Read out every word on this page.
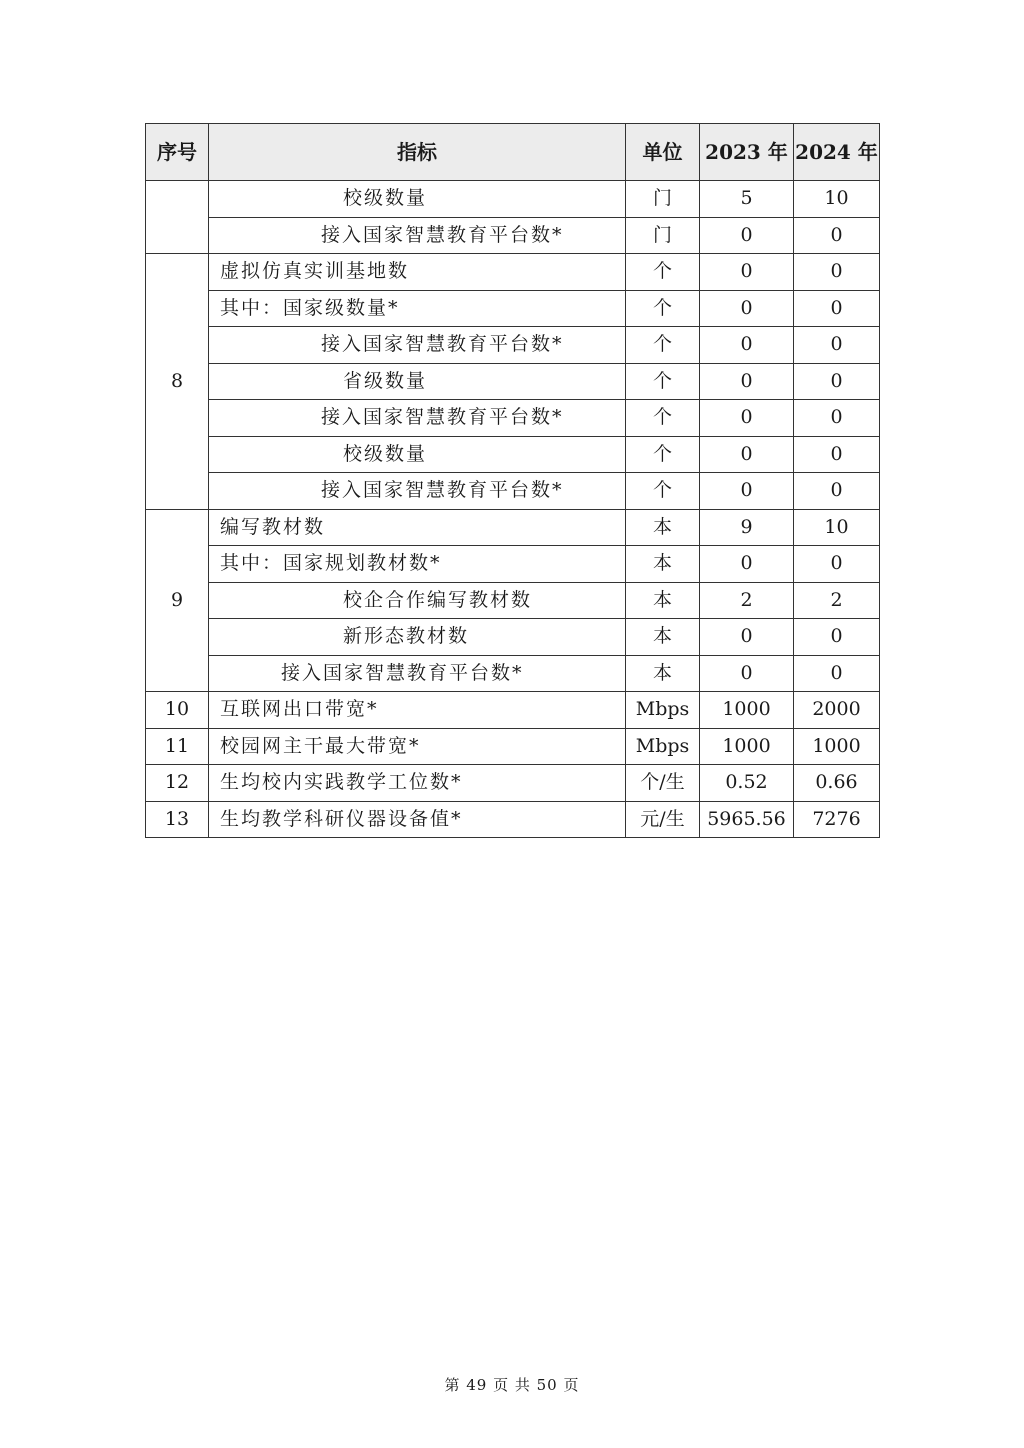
序号	指标	单位	2023 年	2024 年
	校级数量	门	5	10
	接入国家智慧教育平台数*	门	0	0
8	虚拟仿真实训基地数	个	0	0
	其中：国家级数量*	个	0	0
	接入国家智慧教育平台数*	个	0	0
	省级数量	个	0	0
	接入国家智慧教育平台数*	个	0	0
	校级数量	个	0	0
	接入国家智慧教育平台数*	个	0	0
9	编写教材数	本	9	10
	其中：国家规划教材数*	本	0	0
	校企合作编写教材数	本	2	2
	新形态教材数	本	0	0
	接入国家智慧教育平台数*	本	0	0
10	互联网出口带宽*	Mbps	1000	2000
11	校园网主干最大带宽*	Mbps	1000	1000
12	生均校内实践教学工位数*	个/生	0.52	0.66
13	生均教学科研仪器设备值*	元/生	5965.56	7276
第 49 页 共 50 页
